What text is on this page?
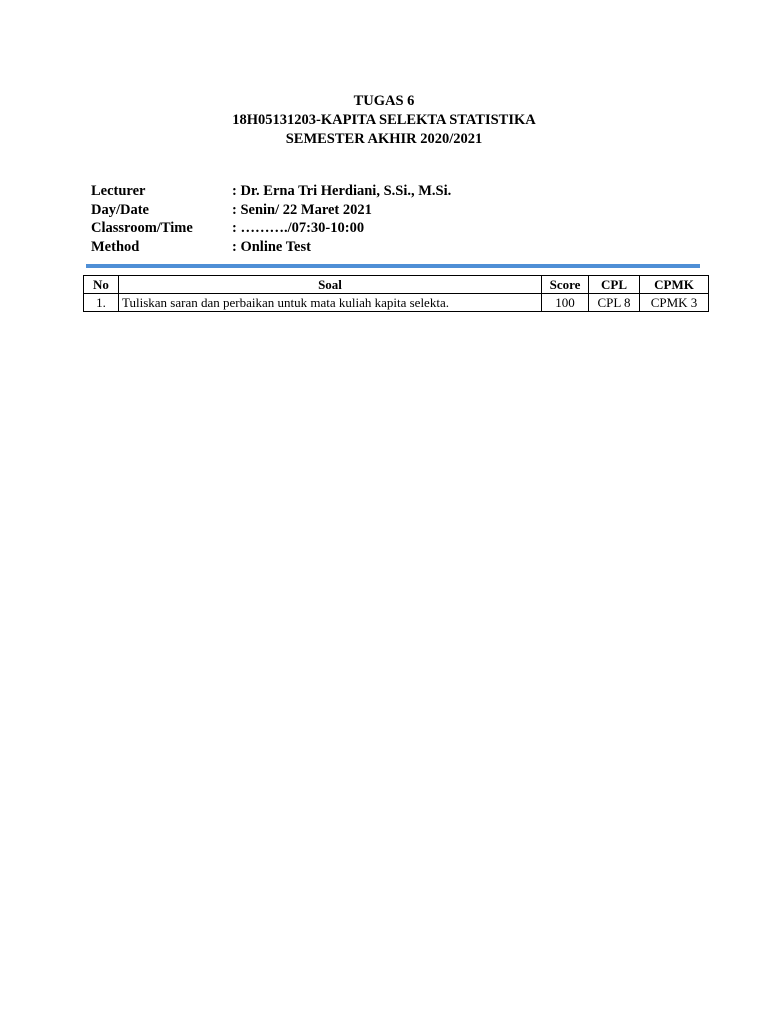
TUGAS 6
18H05131203-KAPITA SELEKTA STATISTIKA
SEMESTER AKHIR 2020/2021
Lecturer	: Dr. Erna Tri Herdiani, S.Si., M.Si.
Day/Date	: Senin/ 22 Maret 2021
Classroom/Time	: ………./07:30-10:00
Method	: Online Test
No	Soal	Score	CPL	CPMK
1.	Tuliskan saran dan perbaikan untuk mata kuliah kapita selekta.	100	CPL 8	CPMK 3
